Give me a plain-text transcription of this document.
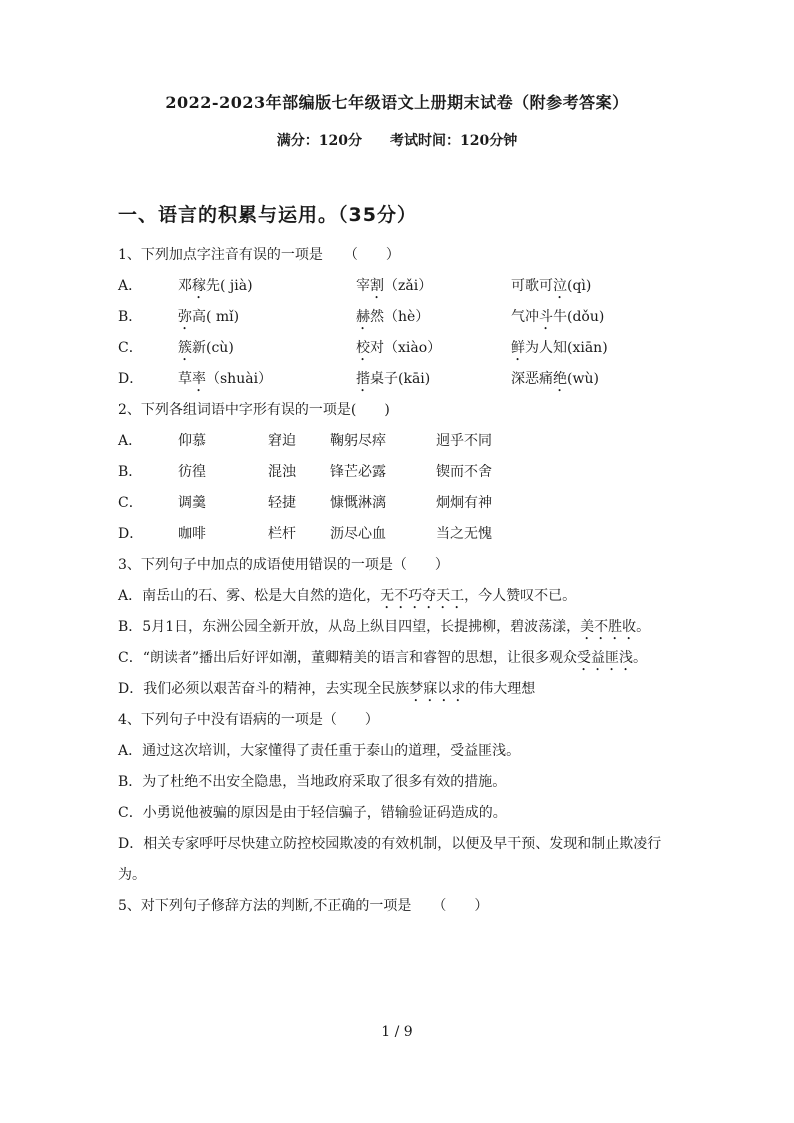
2022-2023年部编版七年级语文上册期末试卷（附参考答案）
满分：120分 考试时间：120分钟
一、语言的积累与运用。（35分）
1、下列加点字注音有误的一项是　　（　　）
A．	邓稼先( jià)	宰割（zǎi）	可歌可泣(qì)
B．	弥高( mǐ)	赫然（hè）	气冲斗牛(dǒu)
C．	簇新(cù)	校对（xiào）	鲜为人知(xiān)
D．	草率（shuài）	揩桌子(kāi)	深恶痛绝(wù)
2、下列各组词语中字形有误的一项是(　　)
A．	仰慕	窘迫	鞠躬尽瘁	迥乎不同
B．	彷徨	混浊	锋芒必露	锲而不舍
C．	调羹	轻捷	慷慨淋漓	炯炯有神
D．	咖啡	栏杆	沥尽心血	当之无愧
3、下列句子中加点的成语使用错误的一项是（　　）
A．南岳山的石、雾、松是大自然的造化，无不巧夺天工，今人赞叹不已。
B．5月1日，东洲公园全新开放，从岛上纵目四望，长提拂柳，碧波荡漾，美不胜收。
C．“朗读者”播出后好评如潮，董卿精美的语言和睿智的思想，让很多观众受益匪浅。
D．我们必须以艰苦奋斗的精神，去实现全民族梦寐以求的伟大理想
4、下列句子中没有语病的一项是（　　）
A．通过这次培训，大家懂得了责任重于泰山的道理，受益匪浅。
B．为了杜绝不出安全隐患，当地政府采取了很多有效的措施。
C．小勇说他被骗的原因是由于轻信骗子，错输验证码造成的。
D．相关专家呼吁尽快建立防控校园欺凌的有效机制，以便及早干预、发现和制止欺凌行为。
5、对下列句子修辞方法的判断,不正确的一项是　　（　　）
1 / 9
